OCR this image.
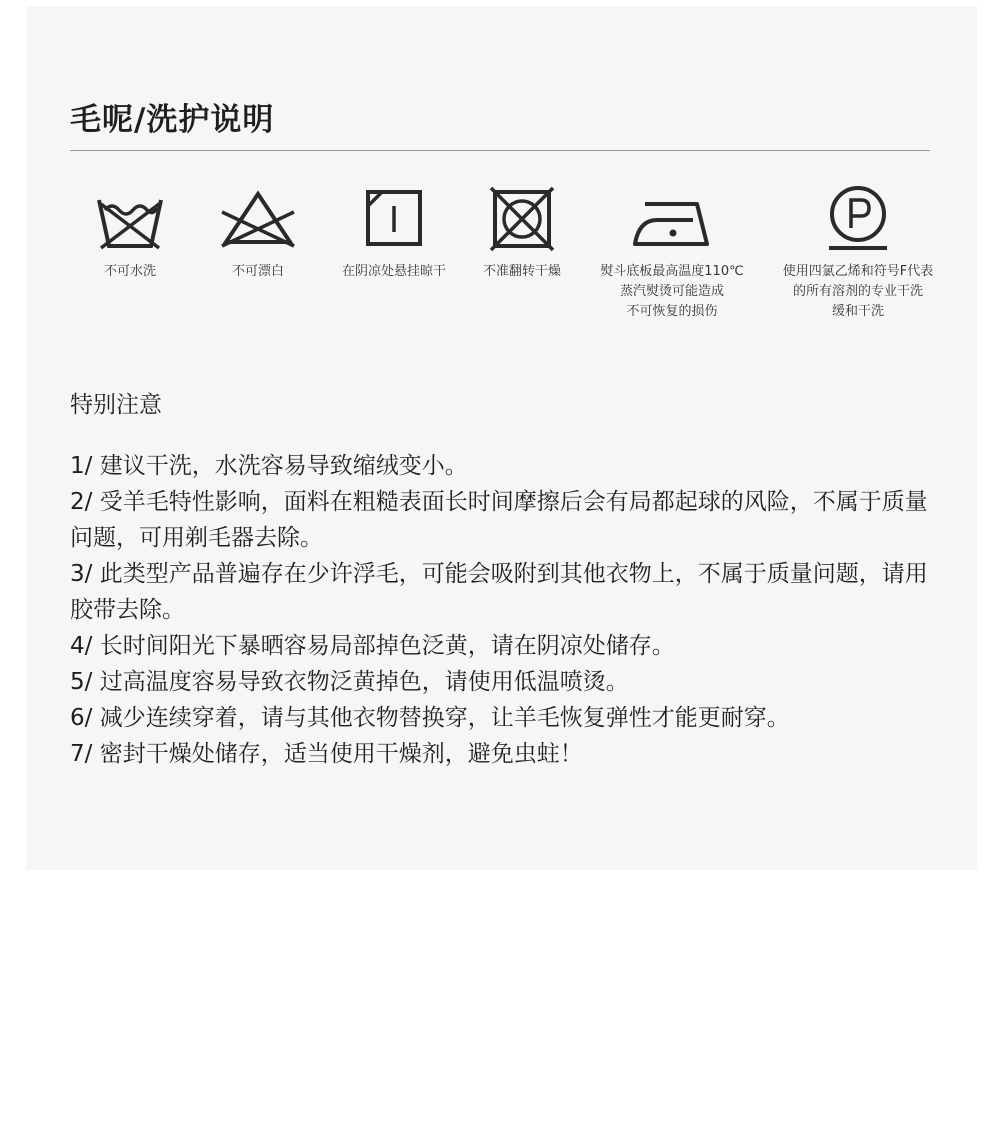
毛呢/洗护说明
不可水洗	不可漂白	在阴凉处悬挂晾干	不准翻转干燥	熨斗底板最高温度110℃
蒸汽熨烫可能造成
不可恢复的损伤
使用四氯乙烯和符号F代表
的所有溶剂的专业干洗
缓和干洗
特别注意
1/ 建议干洗，水洗容易导致缩绒变小。
2/ 受羊毛特性影响，面料在粗糙表面长时间摩擦后会有局都起球的风险，不属于质量问题，可用剃毛器去除。
3/ 此类型产品普遍存在少许浮毛，可能会吸附到其他衣物上，不属于质量问题，请用胶带去除。
4/ 长时间阳光下暴晒容易局部掉色泛黄，请在阴凉处储存。
5/ 过高温度容易导致衣物泛黄掉色，请使用低温喷烫。
6/ 减少连续穿着，请与其他衣物替换穿，让羊毛恢复弹性才能更耐穿。
7/ 密封干燥处储存，适当使用干燥剂，避免虫蛀！
